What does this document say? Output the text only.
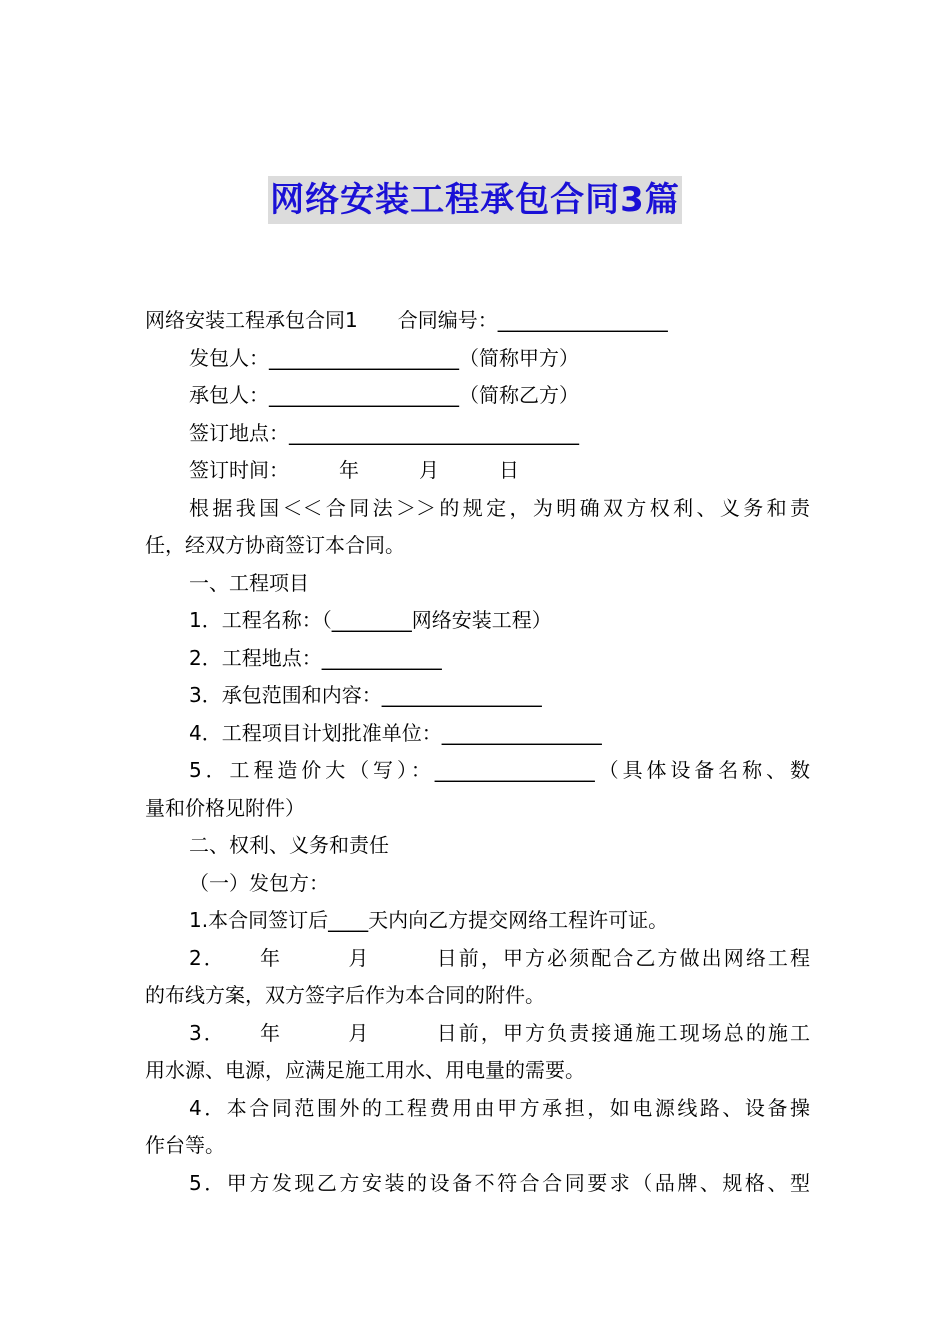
网络安装工程承包合同3篇
网络安装工程承包合同1　　合同编号：_________________
发包人：___________________（简称甲方）
承包人：___________________（简称乙方）
签订地点：_____________________________
签订时间：　　　年　　　月　　　日
根据我国＜＜合同法＞＞的规定，为明确双方权利、义务和责
任，经双方协商签订本合同。
一、工程项目
1．工程名称：（________网络安装工程）
2．工程地点：____________
3．承包范围和内容：________________
4．工程项目计划批准单位：________________
5．工程造价大（写）：________________（具体设备名称、数
量和价格见附件）
二、权利、义务和责任
（一）发包方：
1.本合同签订后____天内向乙方提交网络工程许可证。
2．　　年　　　月　　　日前，甲方必须配合乙方做出网络工程
的布线方案，双方签字后作为本合同的附件。
3．　　年　　　月　　　日前，甲方负责接通施工现场总的施工
用水源、电源，应满足施工用水、用电量的需要。
4．本合同范围外的工程费用由甲方承担，如电源线路、设备操
作台等。
5．甲方发现乙方安装的设备不符合合同要求（品牌、规格、型
